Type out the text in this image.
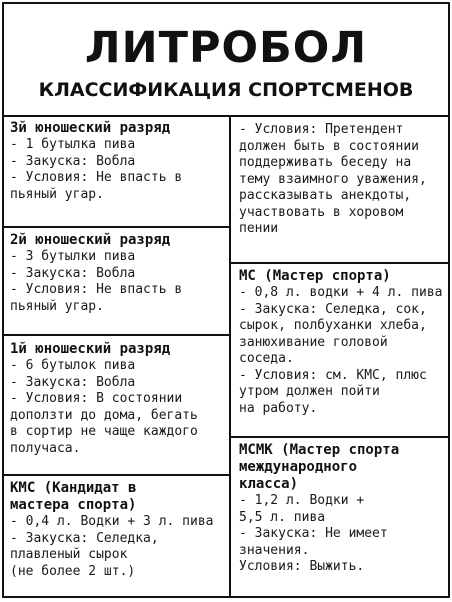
ЛИТРОБОЛ
КЛАССИФИКАЦИЯ СПОРТСМЕНОВ

3й юношеский разряд

- 1 бутылка пива

- Закуска: Вобла

- Условия: Не впасть в

пьяный угар.

2й юношеский разряд

- 3 бутылки пива

- Закуска: Вобла

- Условия: Не впасть в

пьяный угар.

1й юношеский разряд

- 6 бутылок пива

- Закуска: Вобла

- Условия: В состоянии

доползти до дома, бегать

в сортир не чаще каждого

получаса.

КМС (Кандидат в

мастера спорта)

- 0,4 л. Водки + 3 л. пива

- Закуска: Селедка,

плавленый сырок

(не более 2 шт.)

- Условия: Претендент

должен быть в состоянии

поддерживать беседу на

тему взаимного уважения,

рассказывать анекдоты,

участвовать в хоровом

пении

МС (Мастер спорта)

- 0,8 л. водки + 4 л. пива

- Закуска: Селедка, сок,

сырок, полбуханки хлеба,

занюхивание головой

соседа.

- Условия: см. КМС, плюс

утром должен пойти

на работу.

МСМК (Мастер спорта

международного

класса)

- 1,2 л. Водки +

5,5 л. пива

- Закуска: Не имеет

значения.

Условия: Выжить.
